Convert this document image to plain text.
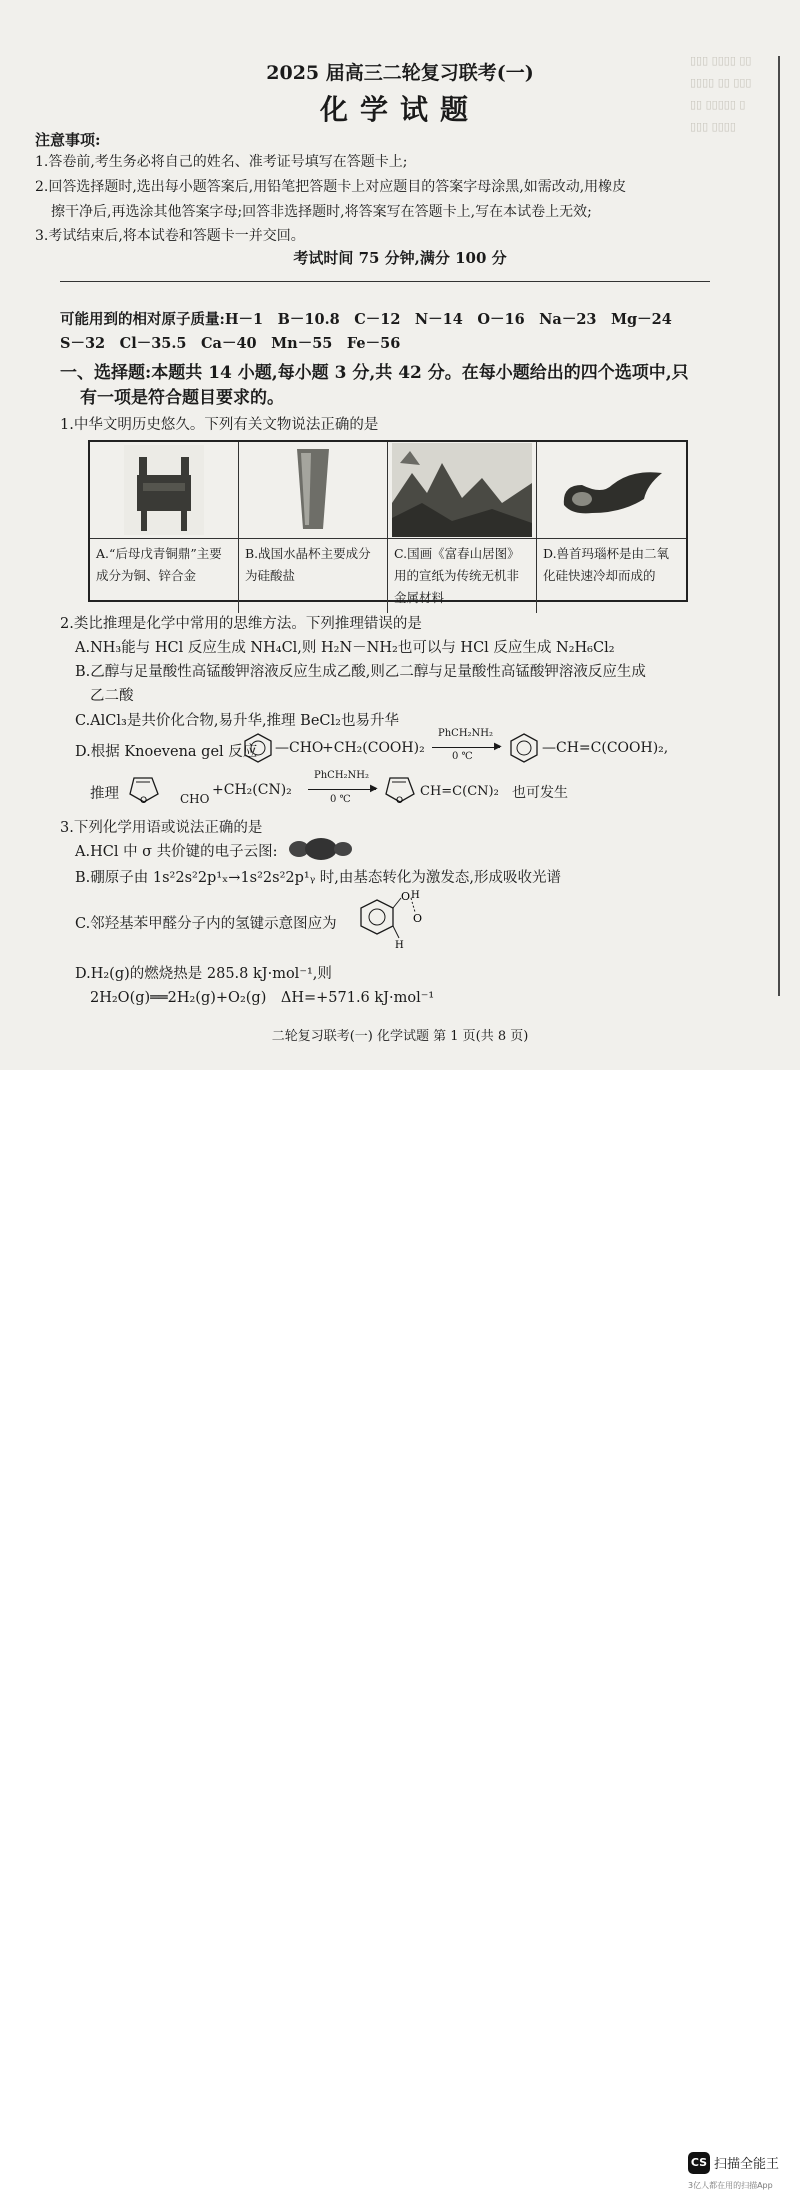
▯▯▯ ▯▯▯▯ ▯▯
▯▯▯▯ ▯▯ ▯▯▯
▯▯ ▯▯▯▯▯ ▯
▯▯▯ ▯▯▯▯
2025 届高三二轮复习联考(一)
化学试题
注意事项:
1.答卷前,考生务必将自己的姓名、准考证号填写在答题卡上;
2.回答选择题时,选出每小题答案后,用铅笔把答题卡上对应题目的答案字母涂黑,如需改动,用橡皮
擦干净后,再选涂其他答案字母;回答非选择题时,将答案写在答题卡上,写在本试卷上无效;
3.考试结束后,将本试卷和答题卡一并交回。
考试时间 75 分钟,满分 100 分
可能用到的相对原子质量:H－1　B－10.8　C－12　N－14　O－16　Na－23　Mg－24
S－32　Cl－35.5　Ca－40　Mn－55　Fe－56
一、选择题:本题共 14 小题,每小题 3 分,共 42 分。在每小题给出的四个选项中,只
有一项是符合题目要求的。
1.中华文明历史悠久。下列有关文物说法正确的是
A.“后母戊青铜鼎”主要成分为铜、锌合金
B.战国水晶杯主要成分为硅酸盐
C.国画《富春山居图》用的宣纸为传统无机非金属材料
D.兽首玛瑙杯是由二氧化硅快速冷却而成的
2.类比推理是化学中常用的思维方法。下列推理错误的是
A.NH₃能与 HCl 反应生成 NH₄Cl,则 H₂N－NH₂也可以与 HCl 反应生成 N₂H₆Cl₂
B.乙醇与足量酸性高锰酸钾溶液反应生成乙酸,则乙二醇与足量酸性高锰酸钾溶液反应生成
乙二酸
C.AlCl₃是共价化合物,易升华,推理 BeCl₂也易升华
D.根据 Knoevena gel 反应 —CHO
+CH₂(COOH)₂
PhCH₂NH₂
▶
0 ℃
—CH=C(COOH)₂,
推理 O	CHO
+CH₂(CN)₂
PhCH₂NH₂
▶
0 ℃	O
CH=C(CN)₂ 也可发生
3.下列化学用语或说法正确的是
A.HCl 中 σ 共价键的电子云图:
B.硼原子由 1s²2s²2p¹ₓ→1s²2s²2p¹ᵧ 时,由基态转化为激发态,形成吸收光谱
C.邻羟基苯甲醛分子内的氢键示意图应为
O H
O
H
D.H₂(g)的燃烧热是 285.8 kJ·mol⁻¹,则
2H₂O(g)══2H₂(g)+O₂(g)　ΔH=+571.6 kJ·mol⁻¹
二轮复习联考(一) 化学试题 第 1 页(共 8 页)
CS 扫描全能王
3亿人都在用的扫描App
